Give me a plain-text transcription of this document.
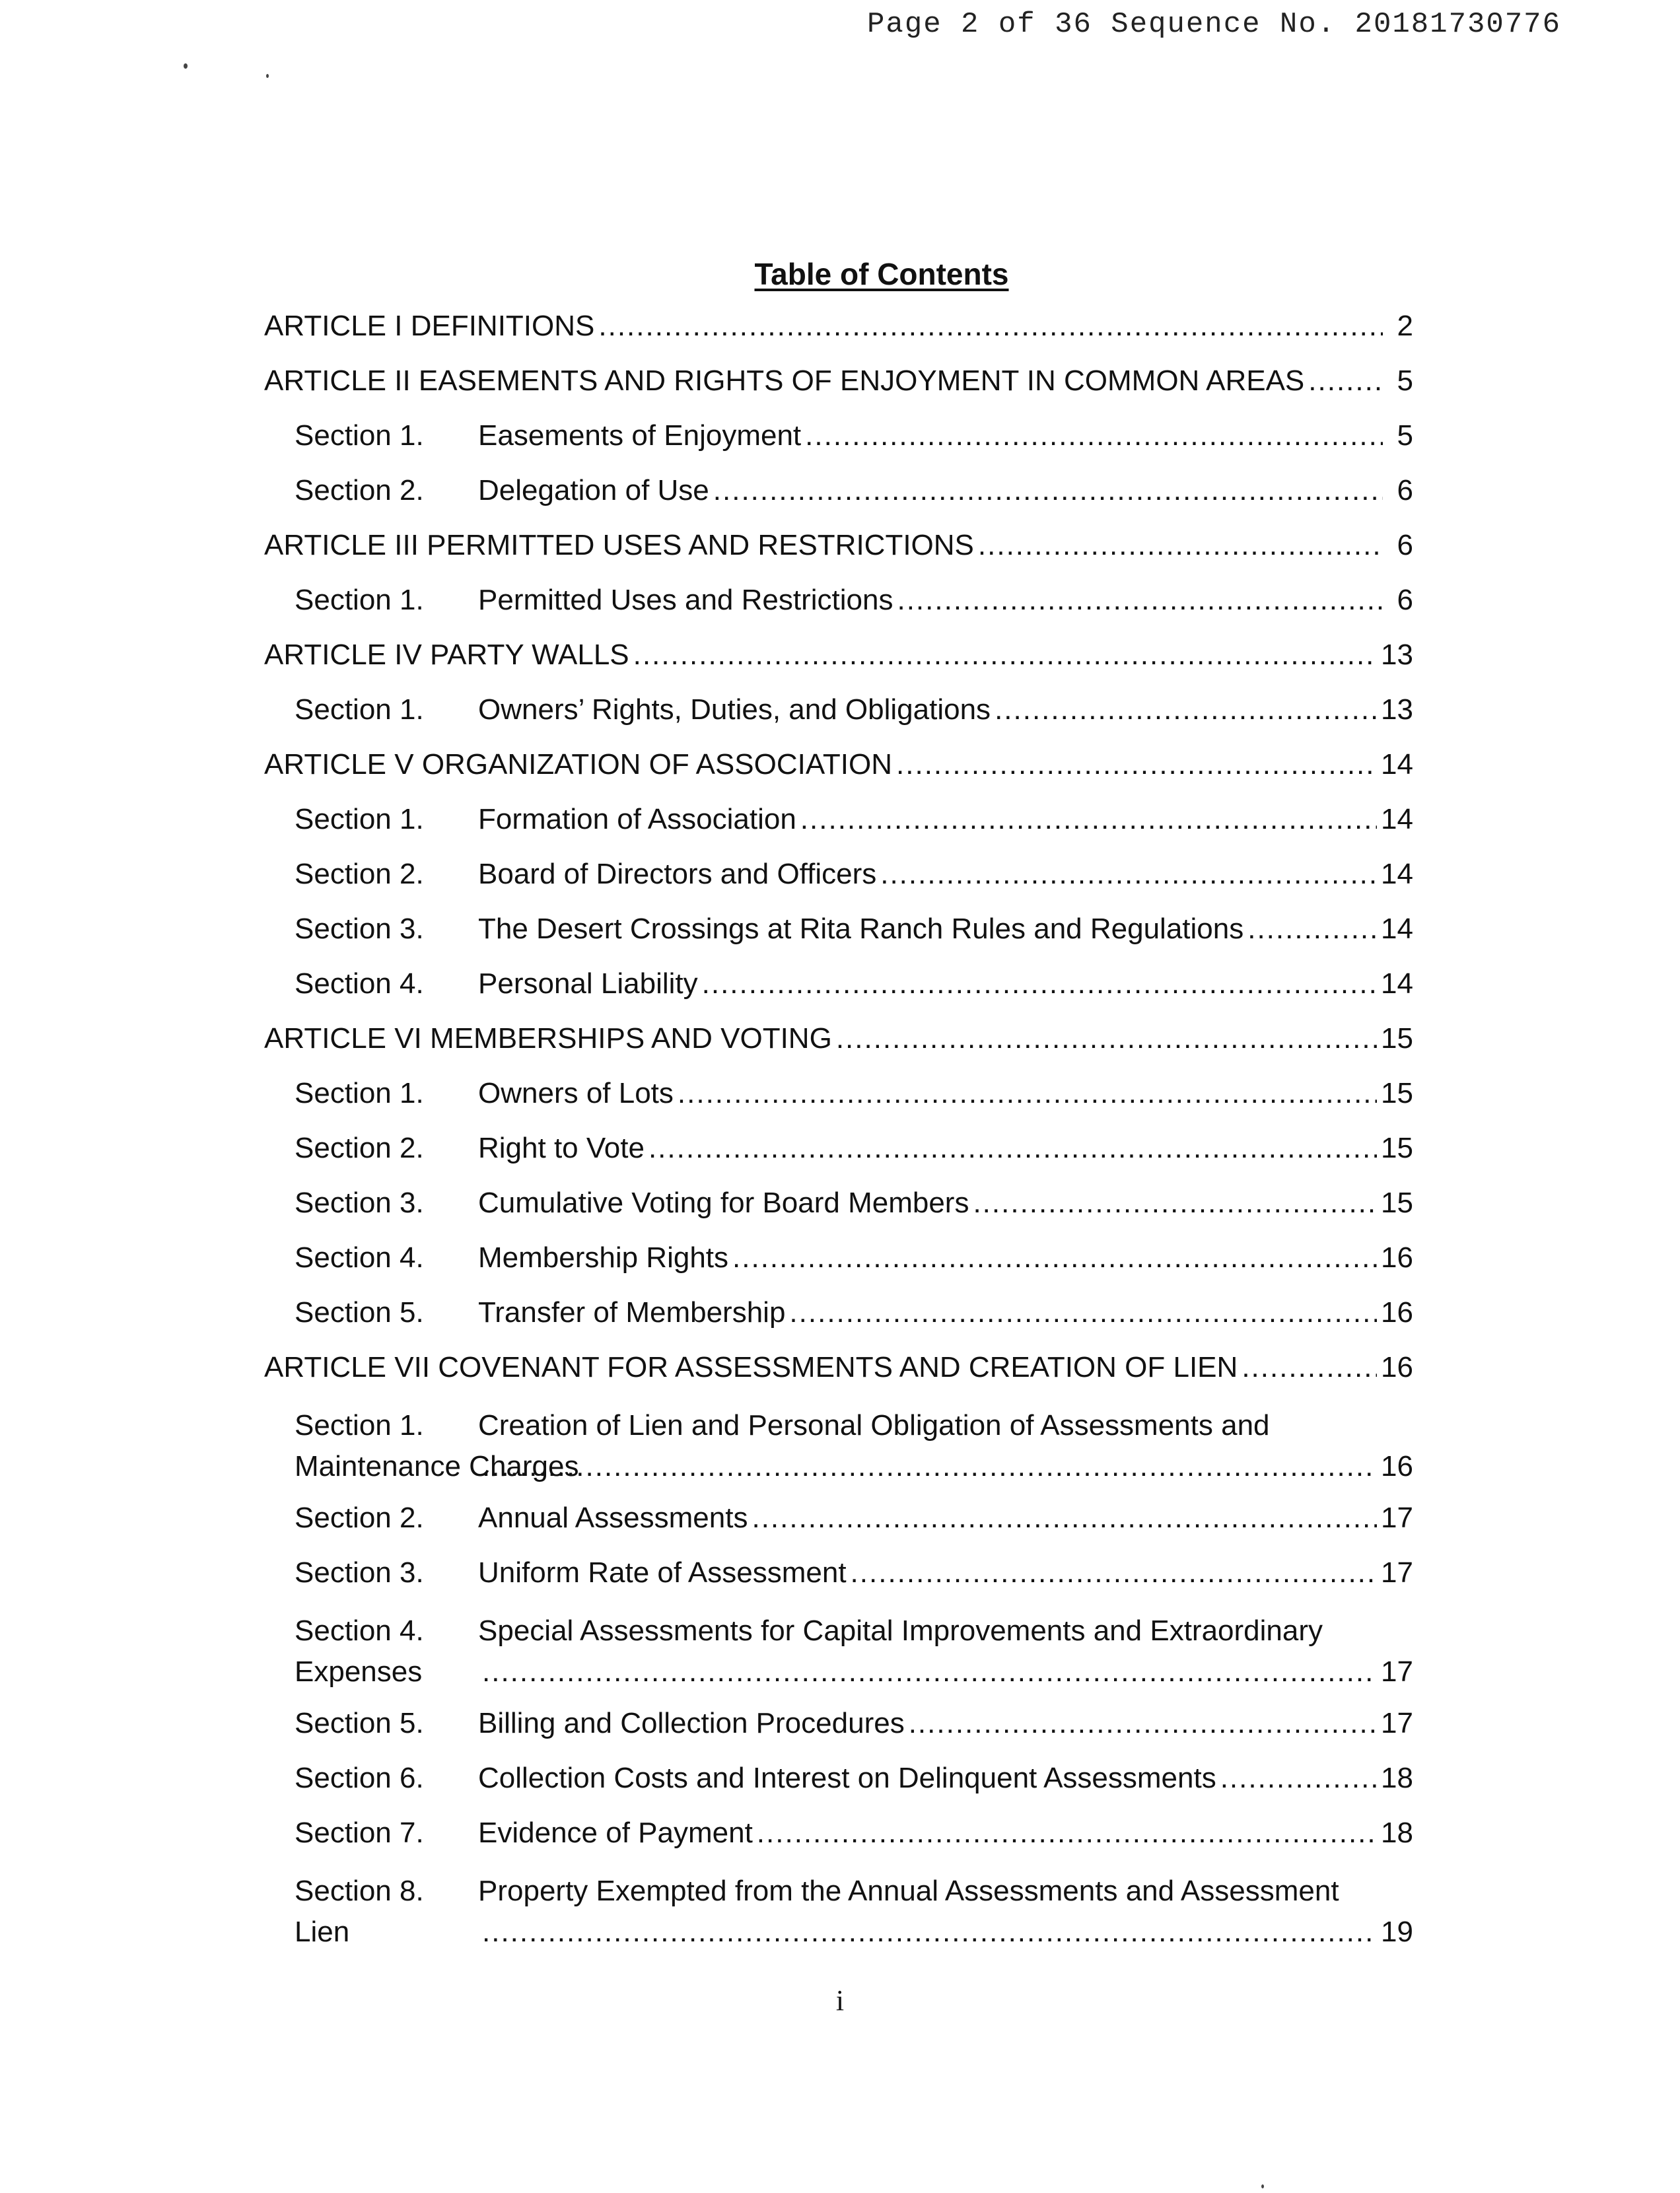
Page 2 of 36 Sequence No. 20181730776
Table of Contents
ARTICLE I DEFINITIONS .....	2
ARTICLE II EASEMENTS AND RIGHTS OF ENJOYMENT IN COMMON AREAS .....	5
Section 1.	Easements of Enjoyment .....	5
Section 2.	Delegation of Use .....	6
ARTICLE III PERMITTED USES AND RESTRICTIONS .....	6
Section 1.	Permitted Uses and Restrictions .....	6
ARTICLE IV PARTY WALLS .....	13
Section 1.	Owners’ Rights, Duties, and Obligations .....	13
ARTICLE V ORGANIZATION OF ASSOCIATION .....	14
Section 1.	Formation of Association .....	14
Section 2.	Board of Directors and Officers .....	14
Section 3.	The Desert Crossings at Rita Ranch Rules and Regulations .....	14
Section 4.	Personal Liability .....	14
ARTICLE VI MEMBERSHIPS AND VOTING .....	15
Section 1.	Owners of Lots .....	15
Section 2.	Right to Vote .....	15
Section 3.	Cumulative Voting for Board Members .....	15
Section 4.	Membership Rights .....	16
Section 5.	Transfer of Membership .....	16
ARTICLE VII COVENANT FOR ASSESSMENTS AND CREATION OF LIEN .....	16
Section 1. Creation of Lien and Personal Obligation of Assessments and
Maintenance Charges .....	16
Section 2.	Annual Assessments .....	17
Section 3.	Uniform Rate of Assessment .....	17
Section 4. Special Assessments for Capital Improvements and Extraordinary
Expenses .....	17
Section 5.	Billing and Collection Procedures .....	17
Section 6.	Collection Costs and Interest on Delinquent Assessments .....	18
Section 7.	Evidence of Payment .....	18
Section 8. Property Exempted from the Annual Assessments and Assessment
Lien .....	19
i
